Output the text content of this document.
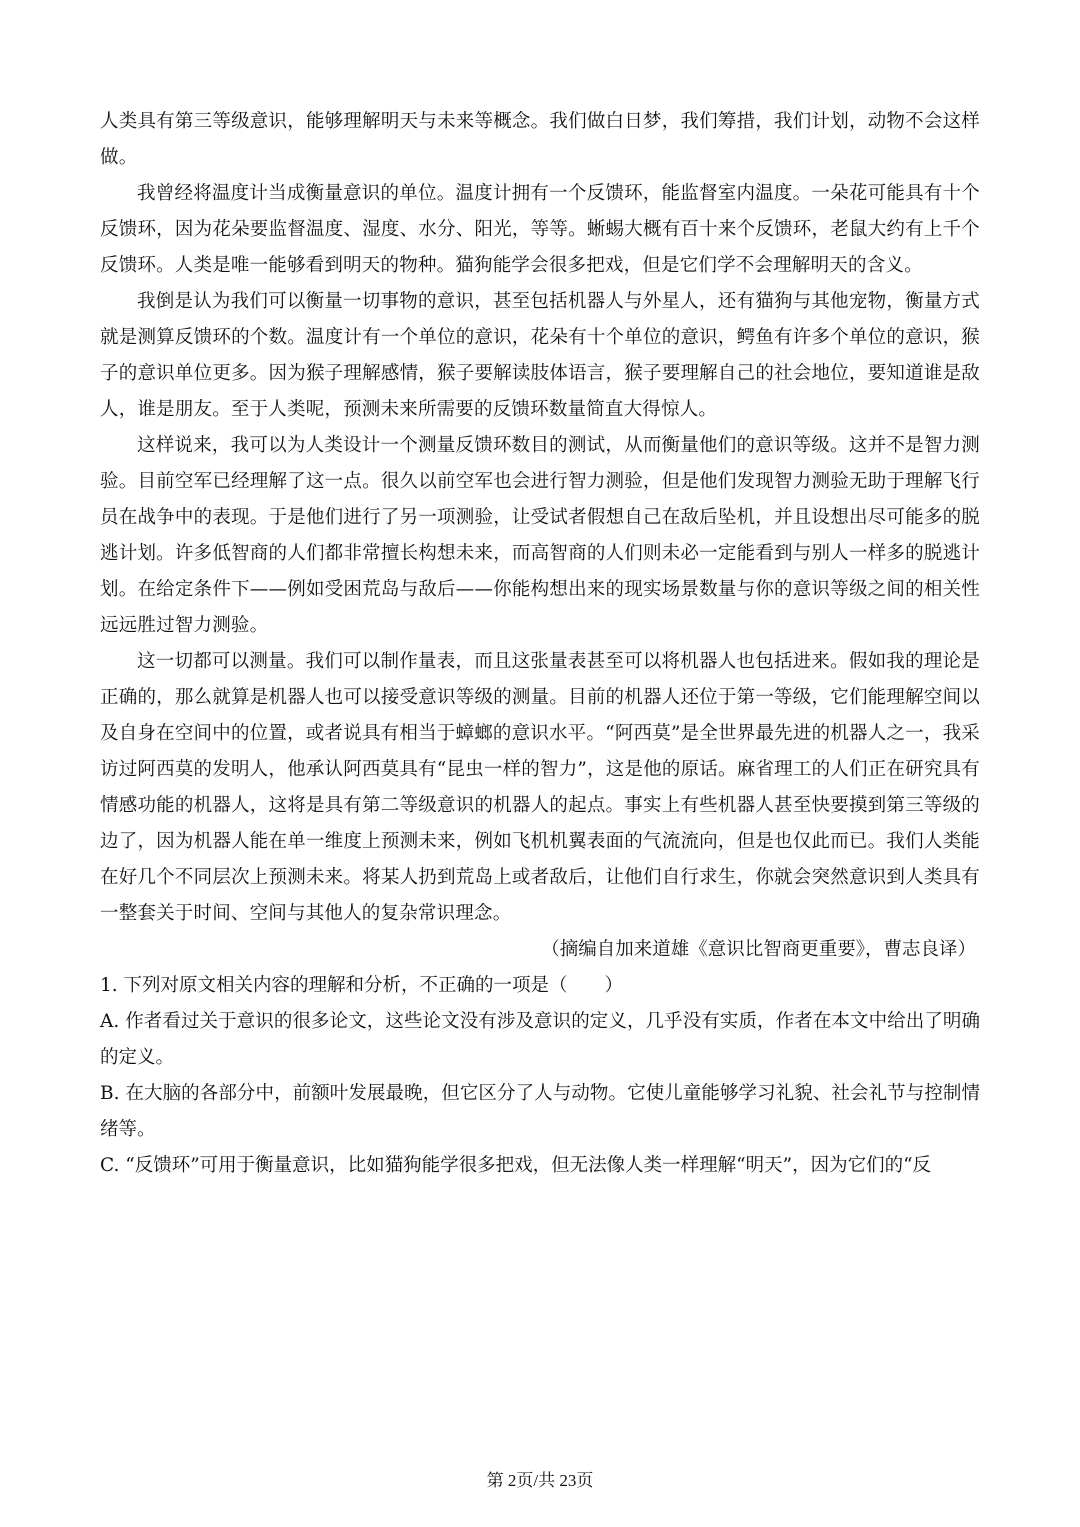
人类具有第三等级意识，能够理解明天与未来等概念。我们做白日梦，我们筹措，我们计划，动物不会这样做。

我曾经将温度计当成衡量意识的单位。温度计拥有一个反馈环，能监督室内温度。一朵花可能具有十个反馈环，因为花朵要监督温度、湿度、水分、阳光，等等。蜥蜴大概有百十来个反馈环，老鼠大约有上千个反馈环。人类是唯一能够看到明天的物种。猫狗能学会很多把戏，但是它们学不会理解明天的含义。

我倒是认为我们可以衡量一切事物的意识，甚至包括机器人与外星人，还有猫狗与其他宠物，衡量方式就是测算反馈环的个数。温度计有一个单位的意识，花朵有十个单位的意识，鳄鱼有许多个单位的意识，猴子的意识单位更多。因为猴子理解感情，猴子要解读肢体语言，猴子要理解自己的社会地位，要知道谁是敌人，谁是朋友。至于人类呢，预测未来所需要的反馈环数量简直大得惊人。

这样说来，我可以为人类设计一个测量反馈环数目的测试，从而衡量他们的意识等级。这并不是智力测验。目前空军已经理解了这一点。很久以前空军也会进行智力测验，但是他们发现智力测验无助于理解飞行员在战争中的表现。于是他们进行了另一项测验，让受试者假想自己在敌后坠机，并且设想出尽可能多的脱逃计划。许多低智商的人们都非常擅长构想未来，而高智商的人们则未必一定能看到与别人一样多的脱逃计划。在给定条件下——例如受困荒岛与敌后——你能构想出来的现实场景数量与你的意识等级之间的相关性远远胜过智力测验。

这一切都可以测量。我们可以制作量表，而且这张量表甚至可以将机器人也包括进来。假如我的理论是正确的，那么就算是机器人也可以接受意识等级的测量。目前的机器人还位于第一等级，它们能理解空间以及自身在空间中的位置，或者说具有相当于蟑螂的意识水平。“阿西莫”是全世界最先进的机器人之一，我采访过阿西莫的发明人，他承认阿西莫具有“昆虫一样的智力”，这是他的原话。麻省理工的人们正在研究具有情感功能的机器人，这将是具有第二等级意识的机器人的起点。事实上有些机器人甚至快要摸到第三等级的边了，因为机器人能在单一维度上预测未来，例如飞机机翼表面的气流流向，但是也仅此而已。我们人类能在好几个不同层次上预测未来。将某人扔到荒岛上或者敌后，让他们自行求生，你就会突然意识到人类具有一整套关于时间、空间与其他人的复杂常识理念。

（摘编自加来道雄《意识比智商更重要》，曹志良译）

1. 下列对原文相关内容的理解和分析，不正确的一项是（　　）

A. 作者看过关于意识的很多论文，这些论文没有涉及意识的定义，几乎没有实质，作者在本文中给出了明确的定义。

B. 在大脑的各部分中，前额叶发展最晚，但它区分了人与动物。它使儿童能够学习礼貌、社会礼节与控制情绪等。

C. “反馈环”可用于衡量意识，比如猫狗能学很多把戏，但无法像人类一样理解“明天”，因为它们的“反

第 2页/共 23页
